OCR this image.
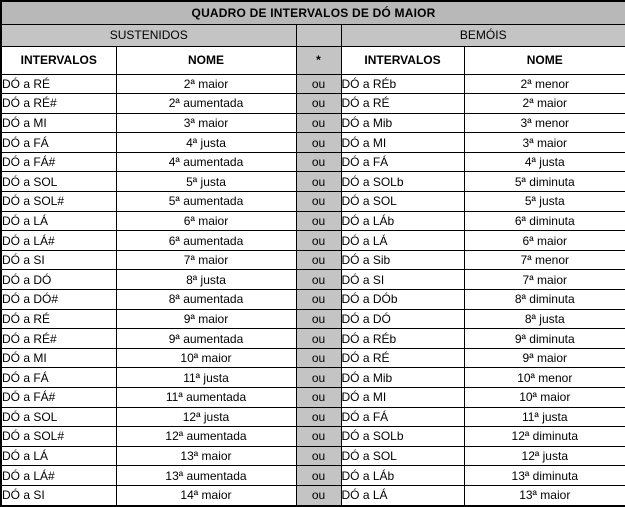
QUADRO DE INTERVALOS DE DÓ MAIOR				
SUSTENIDOS			BEMÓIS	
INTERVALOS	NOME	*	INTERVALOS	NOME
DÓ a RÉ	2ª maior	ou	DÓ a RÉb	2ª menor
DÓ a RÉ#	2ª aumentada	ou	DÓ a RÉ	2ª maior
DÓ a MI	3ª maior	ou	DÓ a Mib	3ª menor
DÓ a FÁ	4ª justa	ou	DÓ a MI	3ª maior
DÓ a FÁ#	4ª aumentada	ou	DÓ a FÁ	4ª justa
DÓ a SOL	5ª justa	ou	DÓ a SOLb	5ª diminuta
DÓ a SOL#	5ª aumentada	ou	DÓ a SOL	5ª justa
DÓ a LÁ	6ª maior	ou	DÓ a LÁb	6ª diminuta
DÓ a LÁ#	6ª aumentada	ou	DÓ a LÁ	6ª maior
DÓ a SI	7ª maior	ou	DÓ a Sib	7ª menor
DÓ a DÓ	8ª justa	ou	DÓ a SI	7ª maior
DÓ a DÓ#	8ª aumentada	ou	DÓ a DÓb	8ª diminuta
DÓ a RÉ	9ª maior	ou	DÓ a DÓ	8ª justa
DÓ a RÉ#	9ª aumentada	ou	DÓ a RÉb	9ª diminuta
DÓ a MI	10ª maior	ou	DÓ a RÉ	9ª maior
DÓ a FÁ	11ª justa	ou	DÓ a Mib	10ª menor
DÓ a FÁ#	11ª aumentada	ou	DÓ a MI	10ª maior
DÓ a SOL	12ª justa	ou	DÓ a FÁ	11ª justa
DÓ a SOL#	12ª aumentada	ou	DÓ a SOLb	12ª diminuta
DÓ a LÁ	13ª maior	ou	DÓ a SOL	12ª justa
DÓ a LÁ#	13ª aumentada	ou	DÓ a LÁb	13ª diminuta
DÓ a SI	14ª maior	ou	DÓ a LÁ	13ª maior
